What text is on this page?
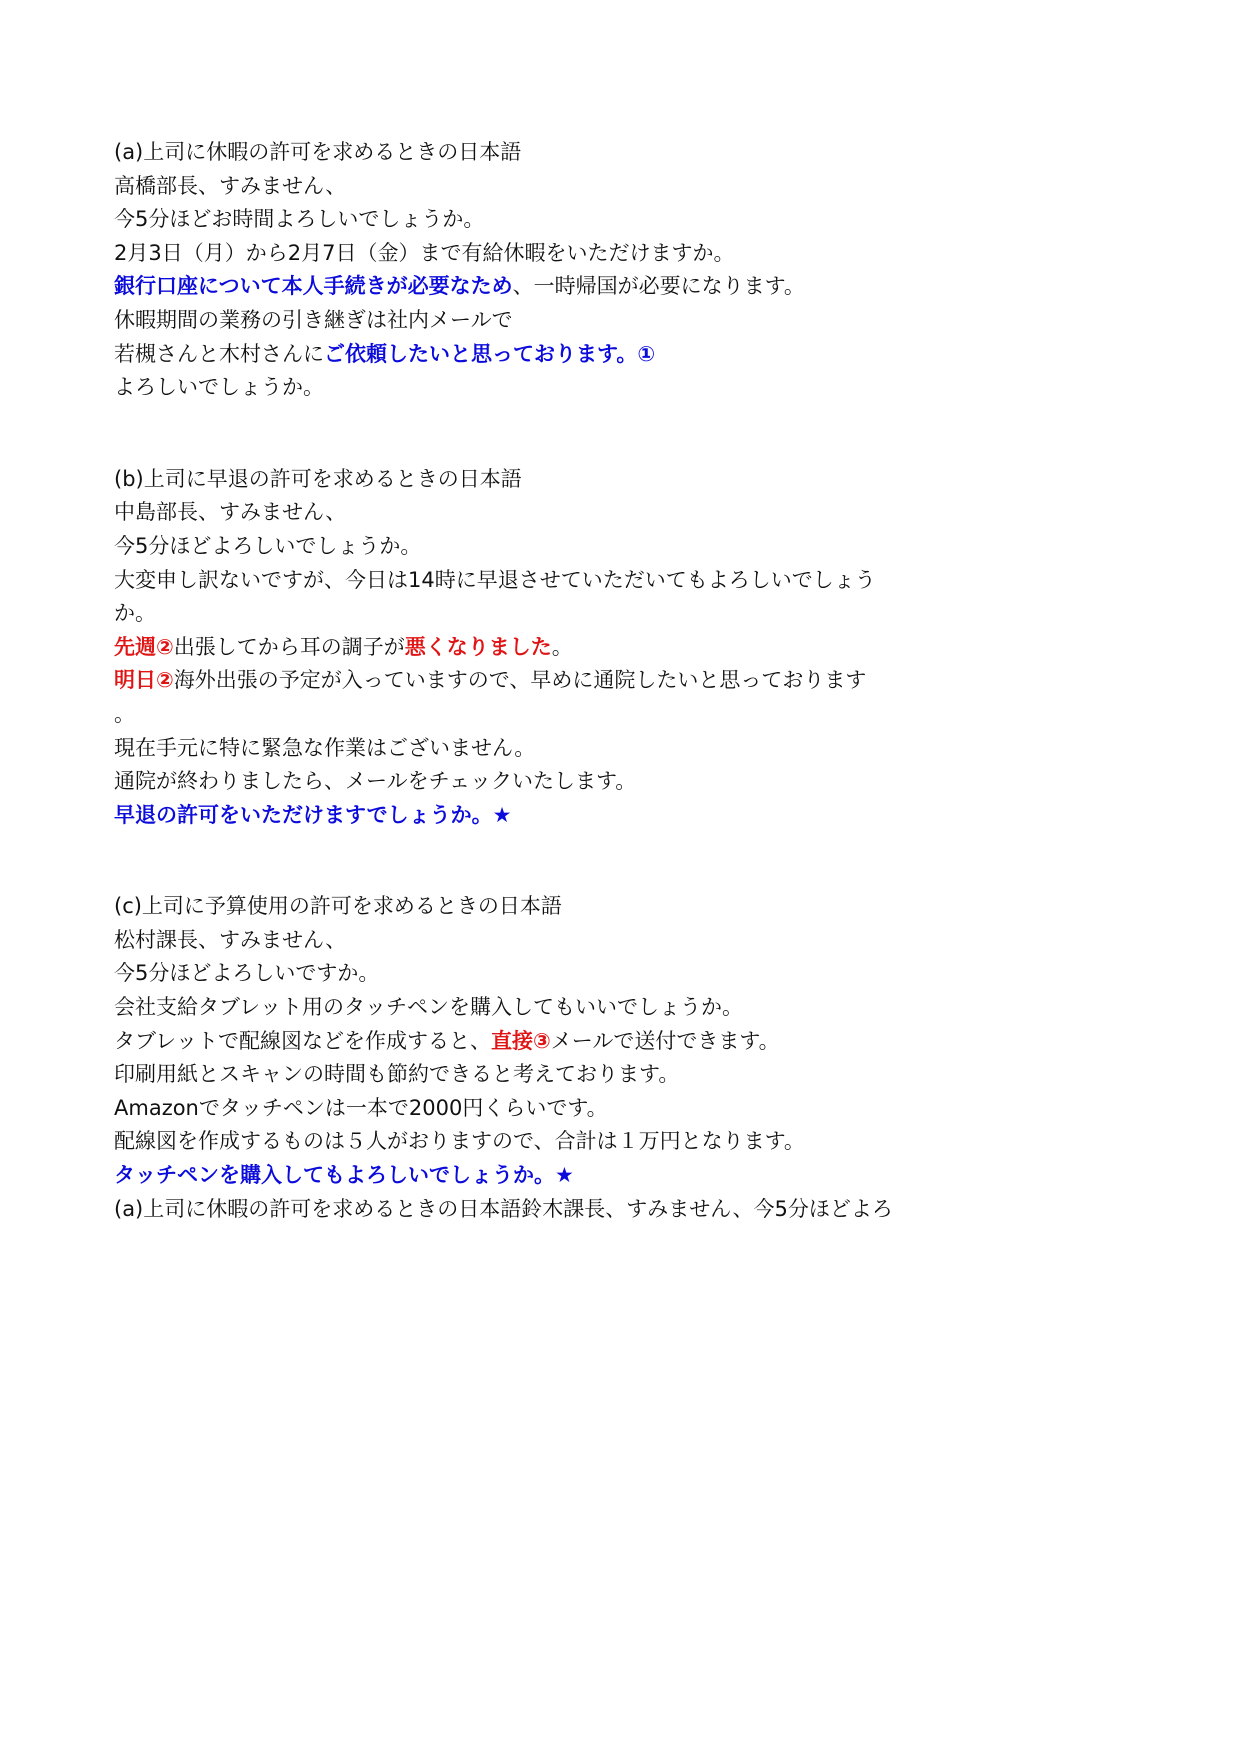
(a)上司に休暇の許可を求めるときの日本語
高橋部長、すみません、
今5分ほどお時間よろしいでしょうか。
2月3日（月）から2月7日（金）まで有給休暇をいただけますか。
銀行口座について本人手続きが必要なため、一時帰国が必要になります。
休暇期間の業務の引き継ぎは社内メールで
若槻さんと木村さんにご依頼したいと思っております。①
よろしいでしょうか。
(b)上司に早退の許可を求めるときの日本語
中島部長、すみません、
今5分ほどよろしいでしょうか。
大変申し訳ないですが、今日は14時に早退させていただいてもよろしいでしょう
か。
先週②出張してから耳の調子が悪くなりました。
明日②海外出張の予定が入っていますので、早めに通院したいと思っております
。
現在手元に特に緊急な作業はございません。
通院が終わりましたら、メールをチェックいたします。
早退の許可をいただけますでしょうか。★
(c)上司に予算使用の許可を求めるときの日本語
松村課長、すみません、
今5分ほどよろしいですか。
会社支給タブレット用のタッチペンを購入してもいいでしょうか。
タブレットで配線図などを作成すると、直接③メールで送付できます。
印刷用紙とスキャンの時間も節約できると考えております。
Amazonでタッチペンは一本で2000円くらいです。
配線図を作成するものは５人がおりますので、合計は１万円となります。
タッチペンを購入してもよろしいでしょうか。★
(a)上司に休暇の許可を求めるときの日本語鈴木課長、すみません、今5分ほどよろ
